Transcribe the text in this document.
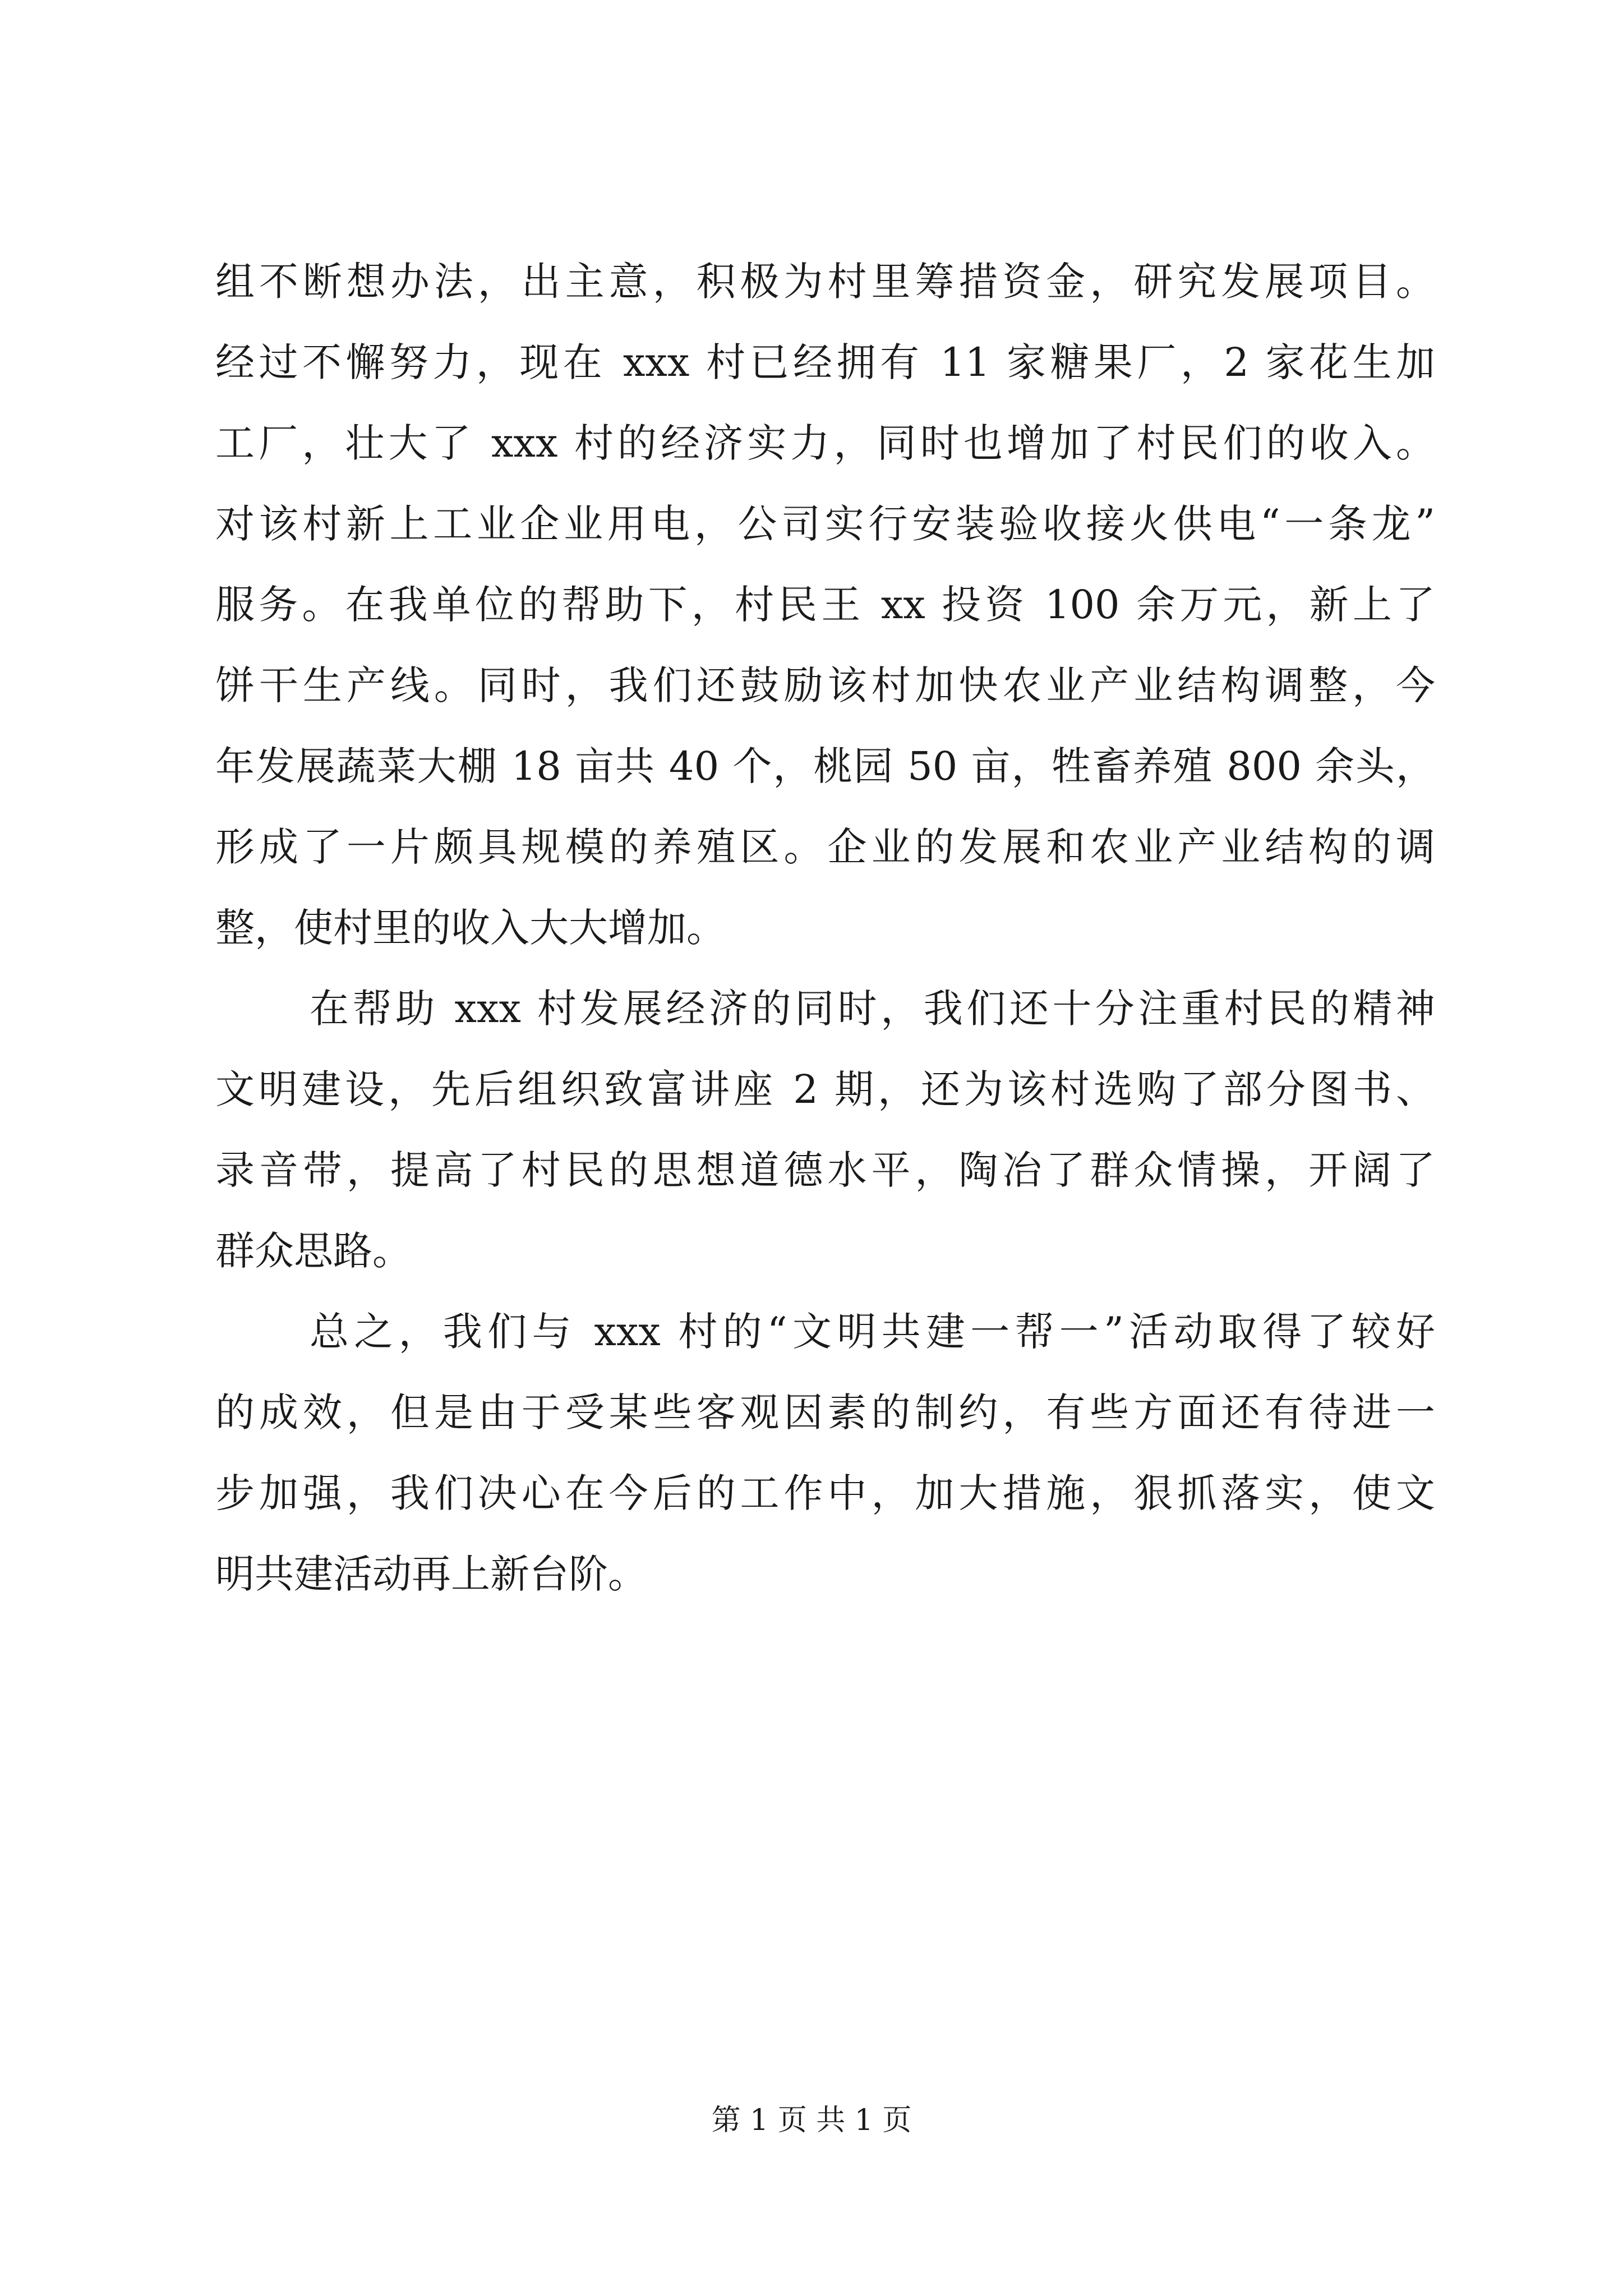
组不断想办法，出主意，积极为村里筹措资金，研究发展项目。
经过不懈努力，现在 xxx 村已经拥有 11 家糖果厂，2 家花生加
工厂，壮大了 xxx 村的经济实力，同时也增加了村民们的收入。
对该村新上工业企业用电，公司实行安装验收接火供电“一条龙”
服务。在我单位的帮助下，村民王 xx 投资 100 余万元，新上了
饼干生产线。同时，我们还鼓励该村加快农业产业结构调整，今
年发展蔬菜大棚 18 亩共 40 个，桃园 50 亩，牲畜养殖 800 余头，
形成了一片颇具规模的养殖区。企业的发展和农业产业结构的调
整，使村里的收入大大增加。
在帮助 xxx 村发展经济的同时，我们还十分注重村民的精神
文明建设，先后组织致富讲座 2 期，还为该村选购了部分图书、
录音带，提高了村民的思想道德水平，陶冶了群众情操，开阔了
群众思路。
总之，我们与 xxx 村的“文明共建一帮一”活动取得了较好
的成效，但是由于受某些客观因素的制约，有些方面还有待进一
步加强，我们决心在今后的工作中，加大措施，狠抓落实，使文
明共建活动再上新台阶。
第 1 页 共 1 页
